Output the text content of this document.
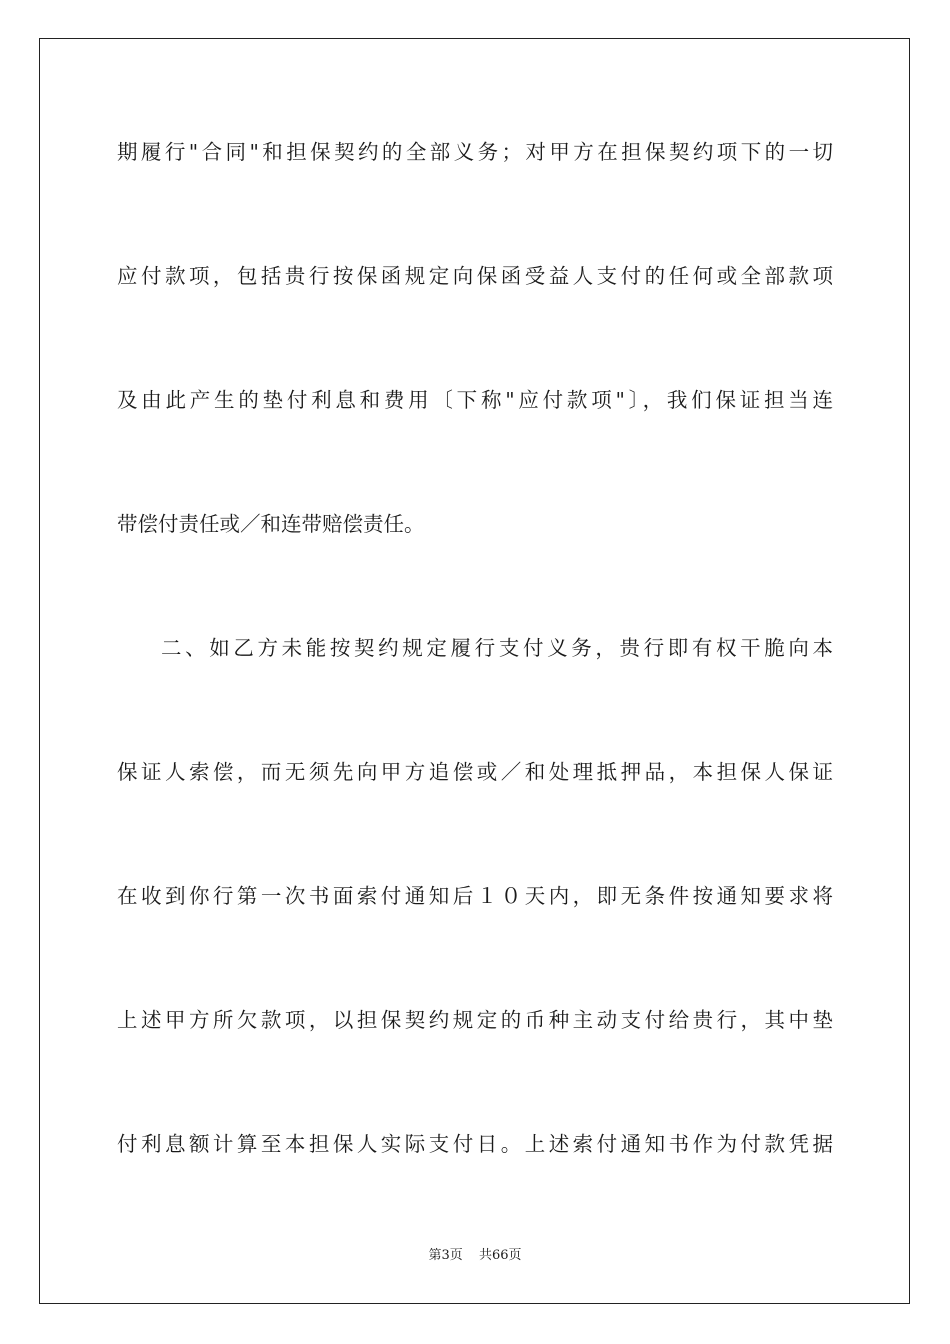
期履行"合同"和担保契约的全部义务；对甲方在担保契约项下的一切
应付款项，包括贵行按保函规定向保函受益人支付的任何或全部款项
及由此产生的垫付利息和费用〔下称"应付款项"〕，我们保证担当连
带偿付责任或／和连带赔偿责任。
二、如乙方未能按契约规定履行支付义务，贵行即有权干脆向本
保证人索偿，而无须先向甲方追偿或／和处理抵押品，本担保人保证
在收到你行第一次书面索付通知后１０天内，即无条件按通知要求将
上述甲方所欠款项，以担保契约规定的币种主动支付给贵行，其中垫
付利息额计算至本担保人实际支付日。上述索付通知书作为付款凭据
第3页 共66页
